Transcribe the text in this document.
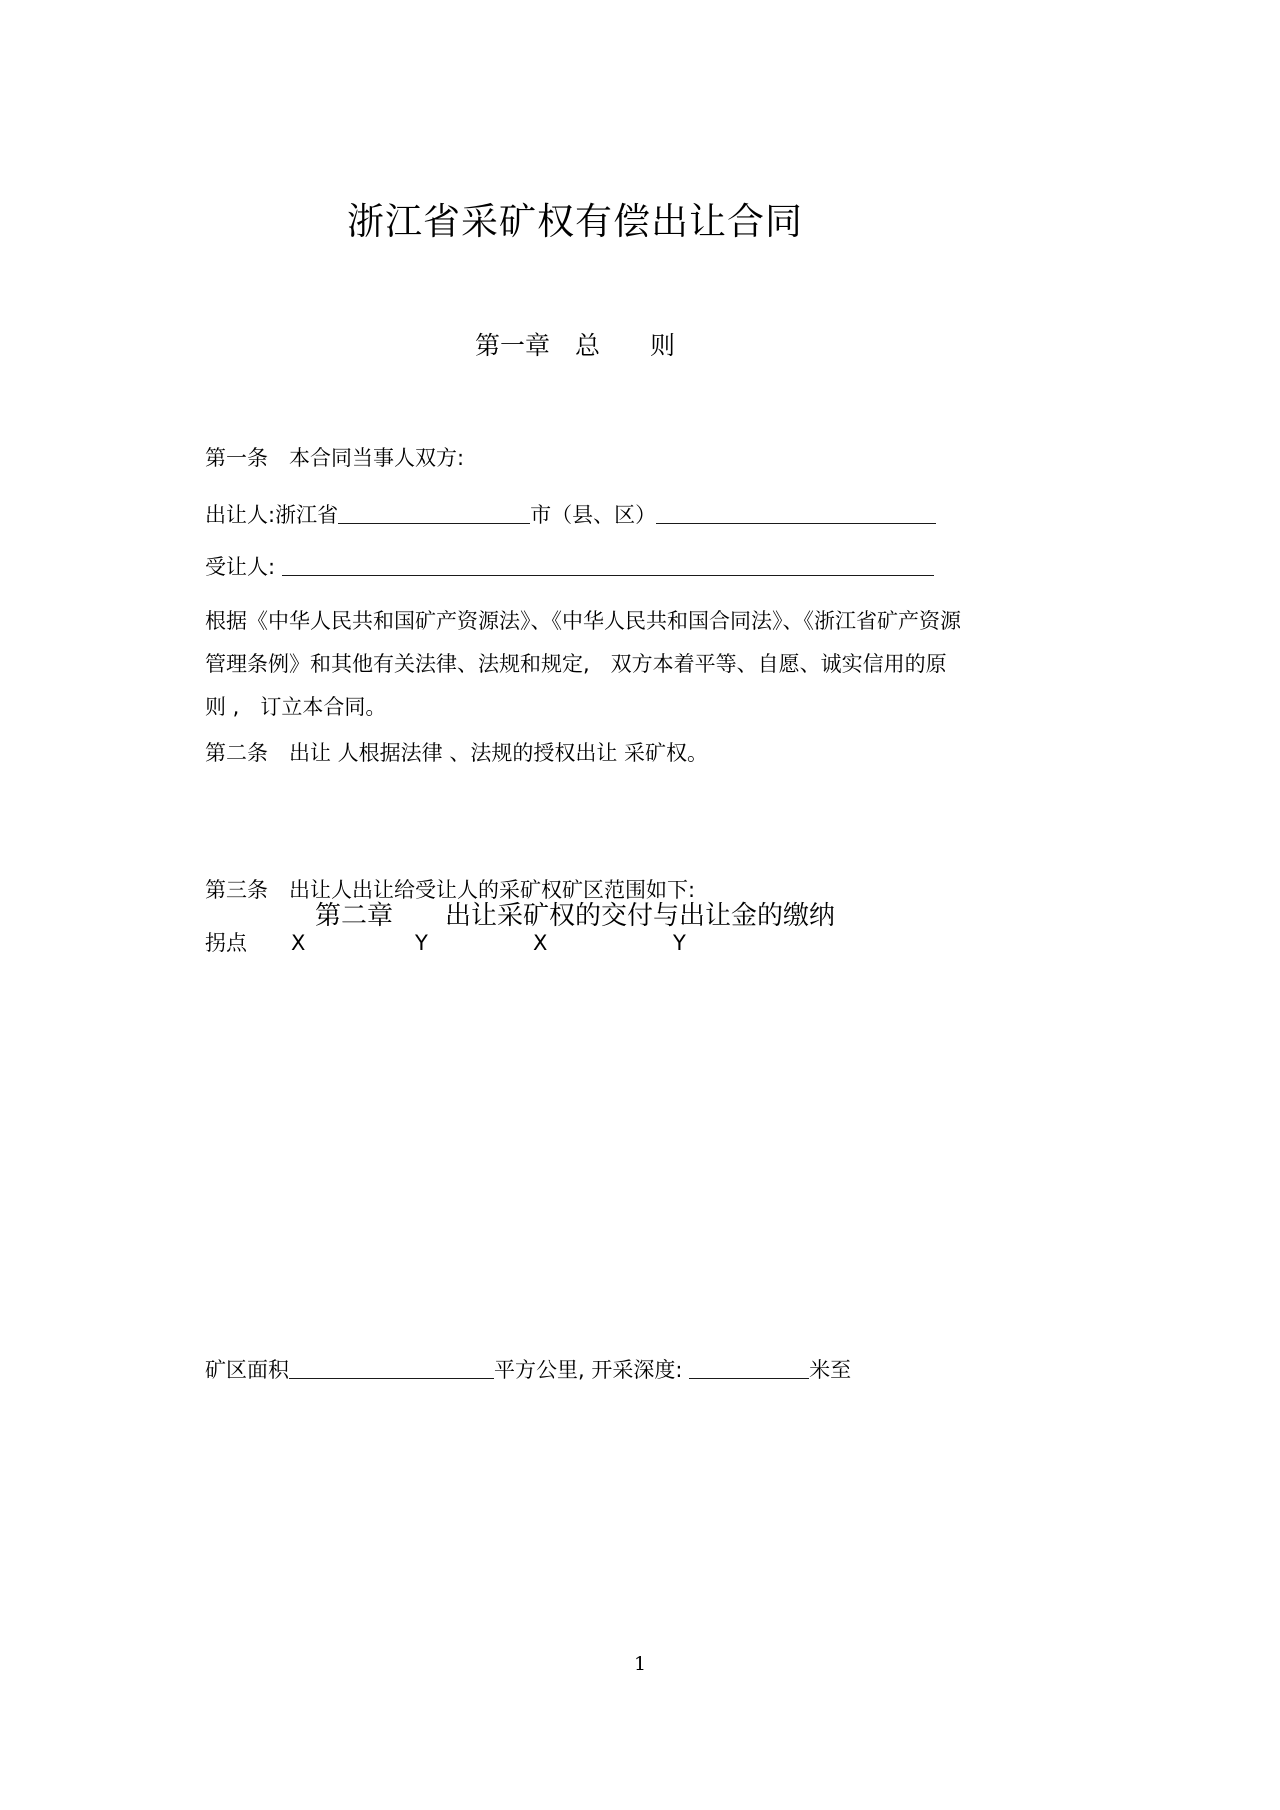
浙江省采矿权有偿出让合同
第一章　总　　则
第一条　本合同当事人双方:
出让人:浙江省	市（县、区）
受让人:
根据《中华人民共和国矿产资源法》、《中华人民共和国合同法》、《浙江省矿产资源
管理条例》和其他有关法律、法规和规定,　双方本着平等、自愿、诚实信用的原
则 ,　订立本合同。
第二条　出让 人根据法律 、法规的授权出让 采矿权。
第二章　　出让采矿权的交付与出让金的缴纳
第三条　出让人出让给受让人的采矿权矿区范围如下:
拐点 X	Y	X	Y
矿区面积	平方公里, 开采深度:	米至
1
